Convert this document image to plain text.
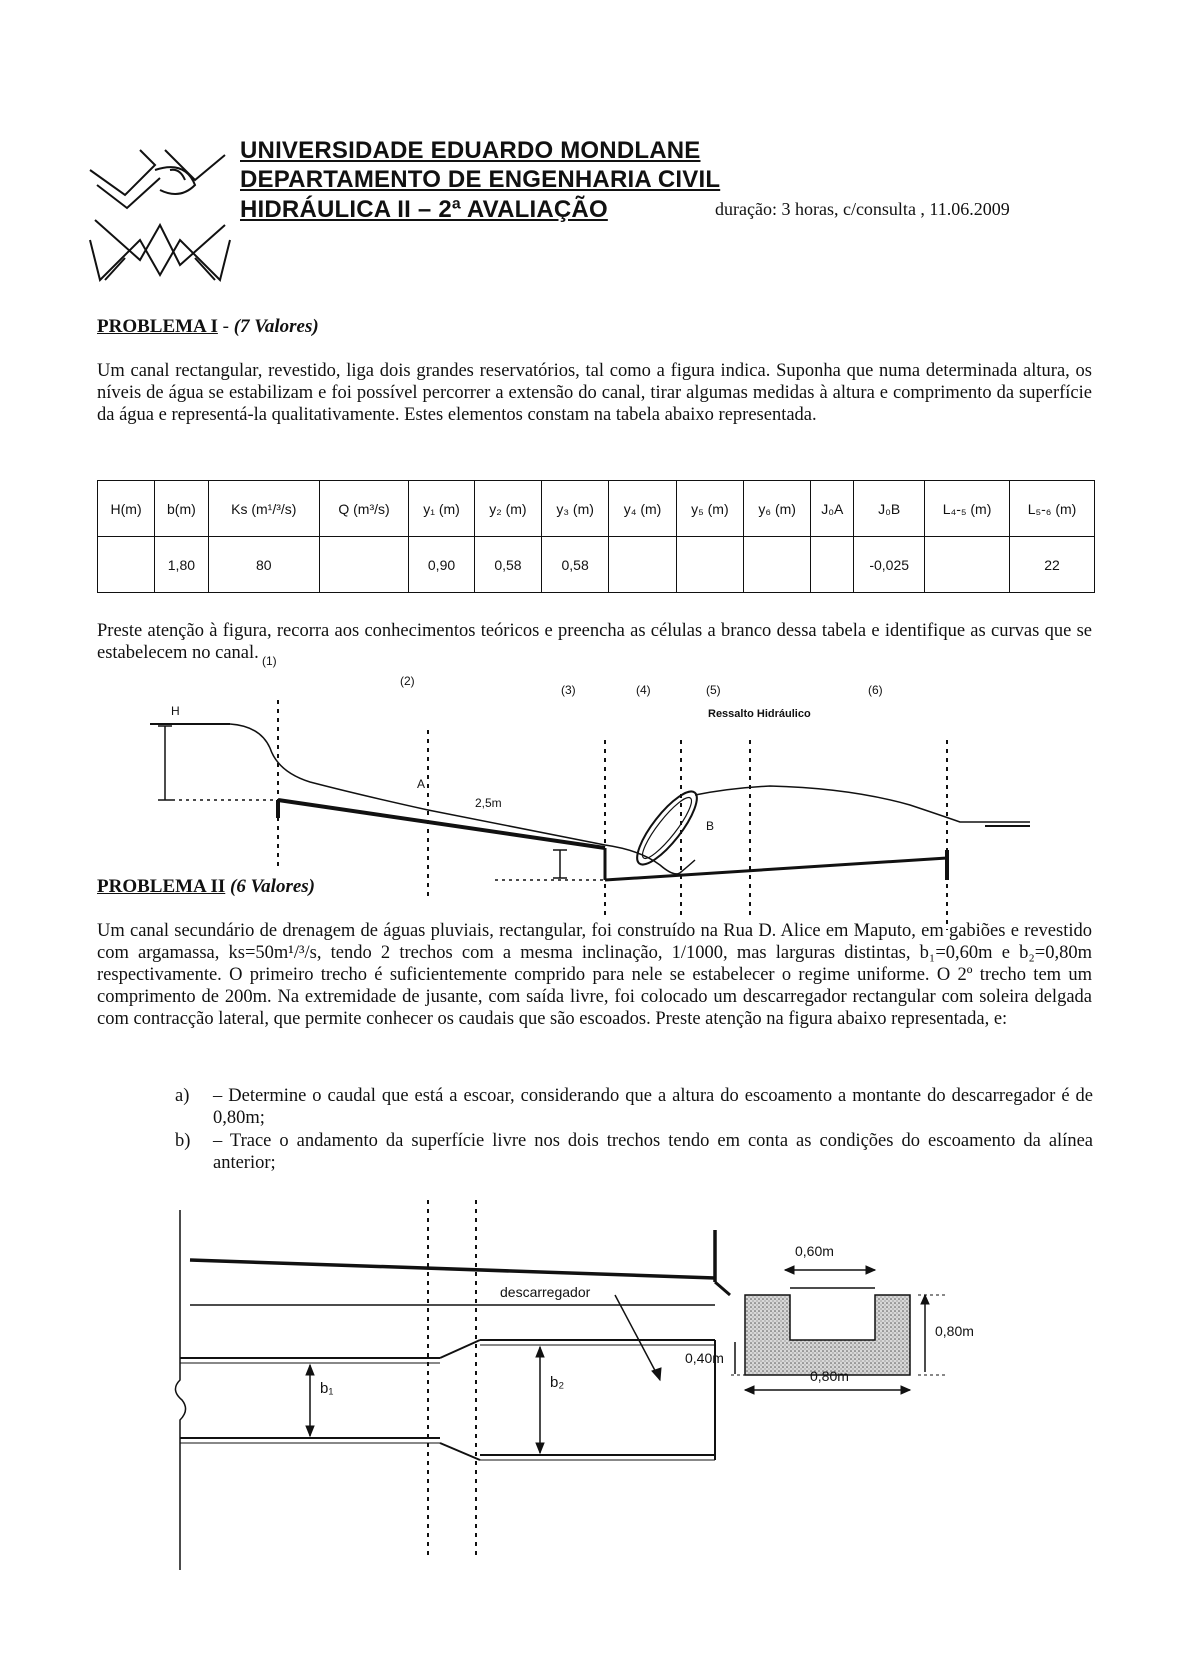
UNIVERSIDADE EDUARDO MONDLANE
DEPARTAMENTO DE ENGENHARIA CIVIL
HIDRÁULICA II – 2ª AVALIAÇÃO	duração: 3 horas, c/consulta , 11.06.2009
PROBLEMA I - (7 Valores)
Um canal rectangular, revestido, liga dois grandes reservatórios, tal como a figura indica. Suponha que numa determinada altura, os níveis de água se estabilizam e foi possível percorrer a extensão do canal, tirar algumas medidas à altura e comprimento da superfície da água e representá-la qualitativamente. Estes elementos constam na tabela abaixo representada.
H(m)	b(m)	Ks (m¹/³/s)	Q (m³/s)	y₁ (m)	y₂ (m)	y₃ (m)	y₄ (m)	y₅ (m)	y₆ (m)	J₀A	J₀B	L₄-₅ (m)	L₅-₆ (m)
	1,80	80		0,90	0,58	0,58					-0,025		22
Preste atenção à figura, recorra aos conhecimentos teóricos e preencha as células a branco dessa tabela e identifique as curvas que se estabelecem no canal. (1)
(2)
(3)	(4)	(5)	(6)
H
A
B
2,5m
Ressalto Hidráulico
PROBLEMA II (6 Valores)
Um canal secundário de drenagem de águas pluviais, rectangular, foi construído na Rua D. Alice em Maputo, em gabiões e revestido com argamassa, ks=50m¹/³/s, tendo 2 trechos com a mesma inclinação, 1/1000, mas larguras distintas, b₁=0,60m e b₂=0,80m respectivamente. O primeiro trecho é suficientemente comprido para nele se estabelecer o regime uniforme. O 2º trecho tem um comprimento de 200m. Na extremidade de jusante, com saída livre, foi colocado um descarregador rectangular com soleira delgada com contracção lateral, que permite conhecer os caudais que são escoados. Preste atenção na figura abaixo representada, e:
a) – Determine o caudal que está a escoar, considerando que a altura do escoamento a montante do descarregador é de 0,80m;
b) – Trace o andamento da superfície livre nos dois trechos tendo em conta as condições do escoamento da alínea anterior;
descarregador
b₁	b₂
0,60m
0,40m
0,80m
0,80m
